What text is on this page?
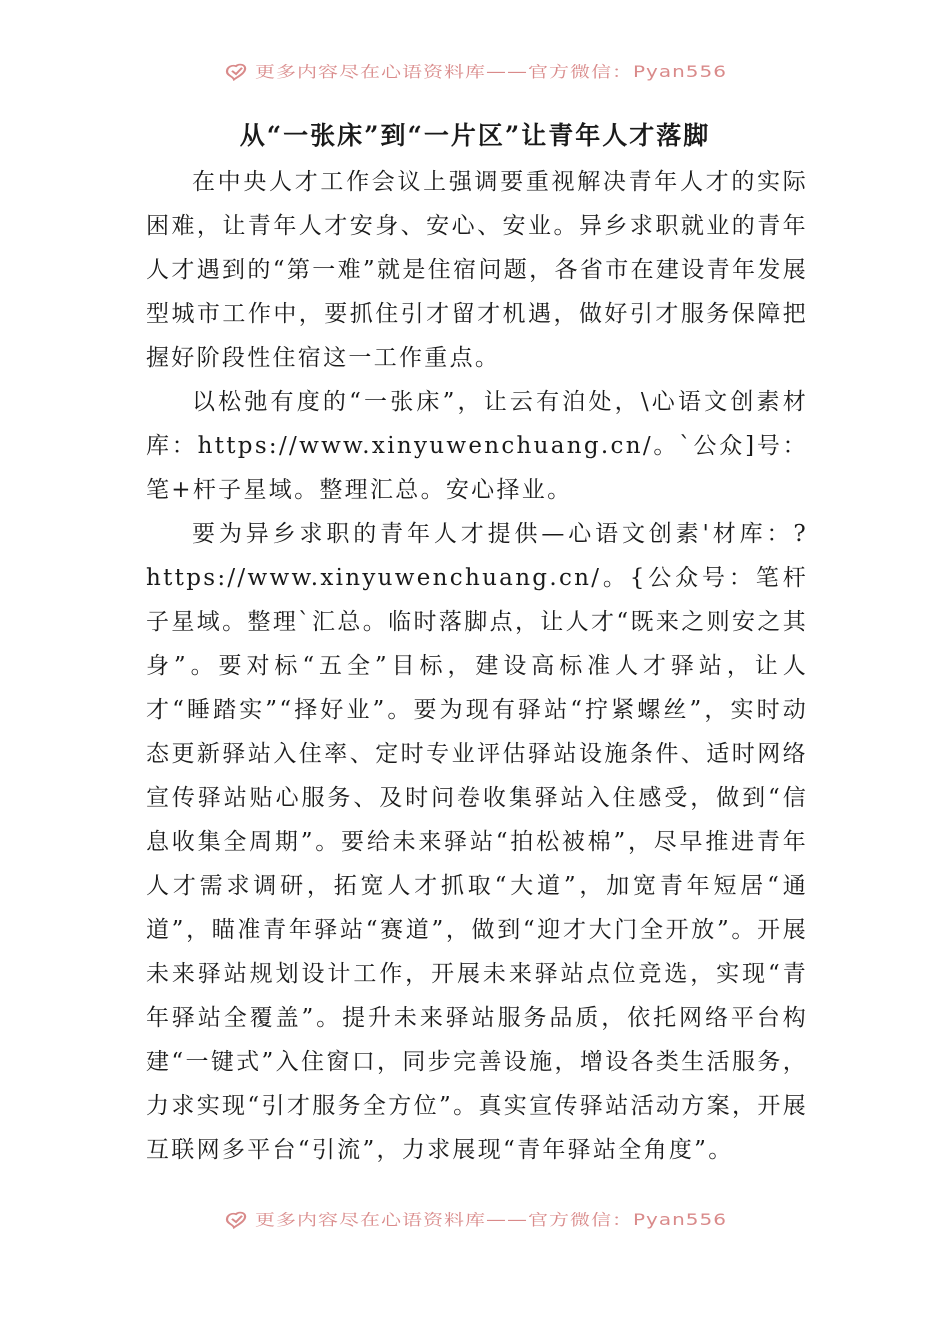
更多内容尽在心语资料库——官方微信：Pyan556
从“一张床”到“一片区”让青年人才落脚

在中央人才工作会议上强调要重视解决青年人才的实际困难，让青年人才安身、安心、安业。异乡求职就业的青年人才遇到的“第一难”就是住宿问题，各省市在建设青年发展型城市工作中，要抓住引才留才机遇，做好引才服务保障把握好阶段性住宿这一工作重点。

以松弛有度的“一张床”，让云有泊处，\心语文创素材库：https://www.xinyuwenchuang.cn/。`公众]号：笔+杆子星域。整理汇总。安心择业。

要为异乡求职的青年人才提供—心语文创素'材库：?https://www.xinyuwenchuang.cn/。{公众号：笔杆子星域。整理`汇总。临时落脚点，让人才“既来之则安之其身”。要对标“五全”目标，建设高标准人才驿站，让人才“睡踏实”“择好业”。要为现有驿站“拧紧螺丝”，实时动态更新驿站入住率、定时专业评估驿站设施条件、适时网络宣传驿站贴心服务、及时问卷收集驿站入住感受，做到“信息收集全周期”。要给未来驿站“拍松被棉”，尽早推进青年人才需求调研，拓宽人才抓取“大道”，加宽青年短居“通道”，瞄准青年驿站“赛道”，做到“迎才大门全开放”。开展未来驿站规划设计工作，开展未来驿站点位竞选，实现“青年驿站全覆盖”。提升未来驿站服务品质，依托网络平台构建“一键式”入住窗口，同步完善设施，增设各类生活服务，力求实现“引才服务全方位”。真实宣传驿站活动方案，开展互联网多平台“引流”，力求展现“青年驿站全角度”。

更多内容尽在心语资料库——官方微信：Pyan556
